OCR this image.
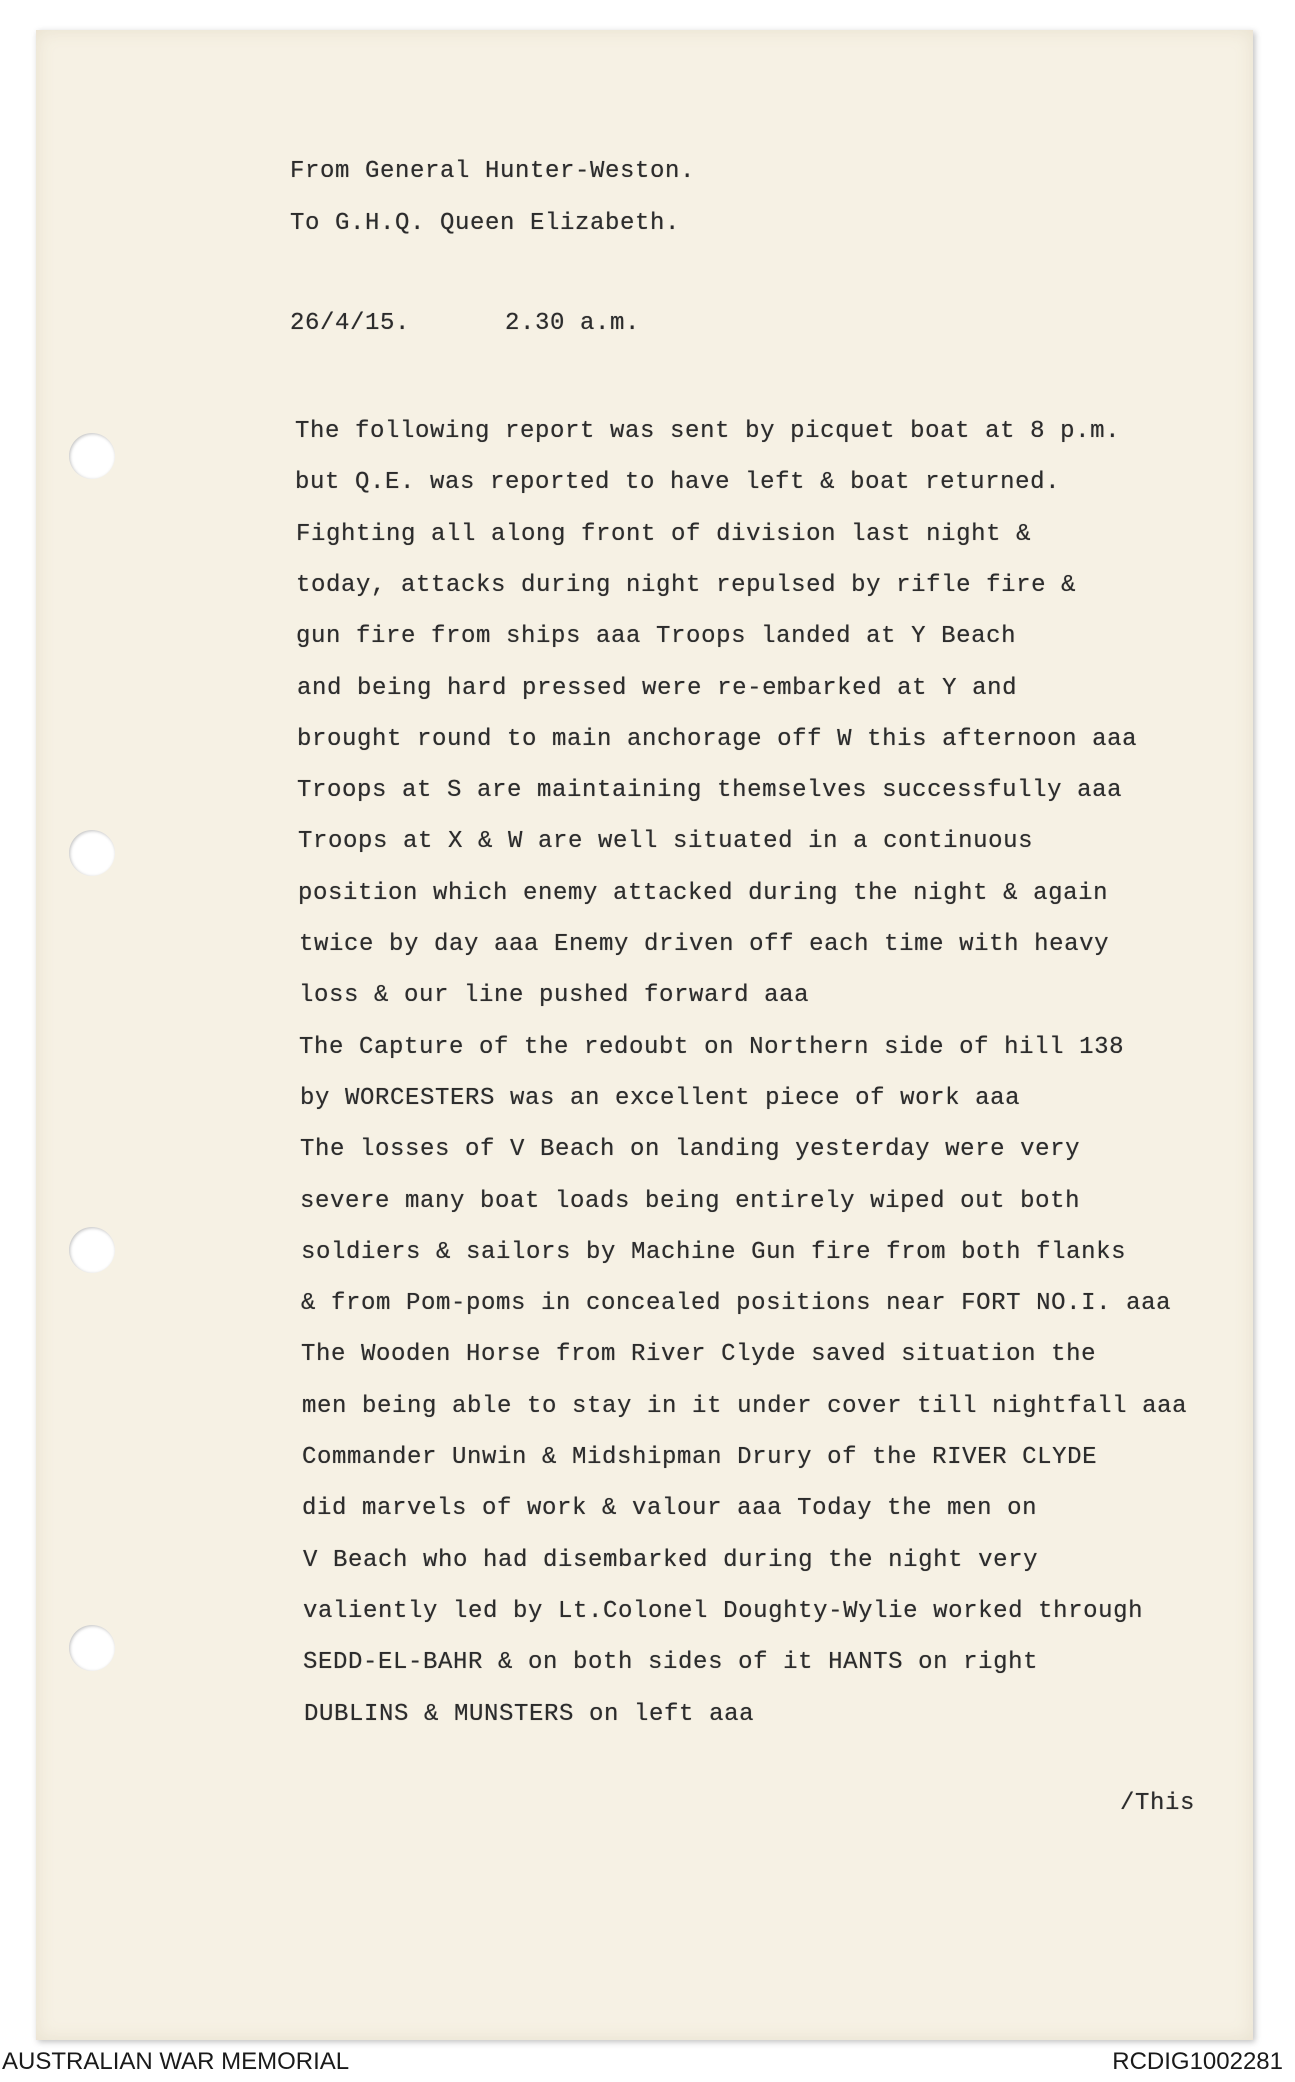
From General Hunter-Weston.
To G.H.Q. Queen Elizabeth.
26/4/15.	2.30 a.m.
The following report was sent by picquet boat at 8 p.m.
but Q.E. was reported to have left & boat returned.
Fighting all along front of division last night &
today, attacks during night repulsed by rifle fire &
gun fire from ships aaa Troops landed at Y Beach
and being hard pressed were re-embarked at Y and
brought round to main anchorage off W this afternoon aaa
Troops at S are maintaining themselves successfully aaa
Troops at X & W are well situated in a continuous
position which enemy attacked during the night & again
twice by day aaa Enemy driven off each time with heavy
loss & our line pushed forward aaa
The Capture of the redoubt on Northern side of hill 138
by WORCESTERS was an excellent piece of work aaa
The losses of V Beach on landing yesterday were very
severe many boat loads being entirely wiped out both
soldiers & sailors by Machine Gun fire from both flanks
& from Pom-poms in concealed positions near FORT NO.I. aaa
The Wooden Horse from River Clyde saved situation the
men being able to stay in it under cover till nightfall aaa
Commander Unwin & Midshipman Drury of the RIVER CLYDE
did marvels of work & valour aaa Today the men on
V Beach who had disembarked during the night very
valiently led by Lt.Colonel Doughty-Wylie worked through
SEDD-EL-BAHR & on both sides of it HANTS on right
DUBLINS & MUNSTERS on left aaa
/This
AUSTRALIAN WAR MEMORIAL	RCDIG1002281
